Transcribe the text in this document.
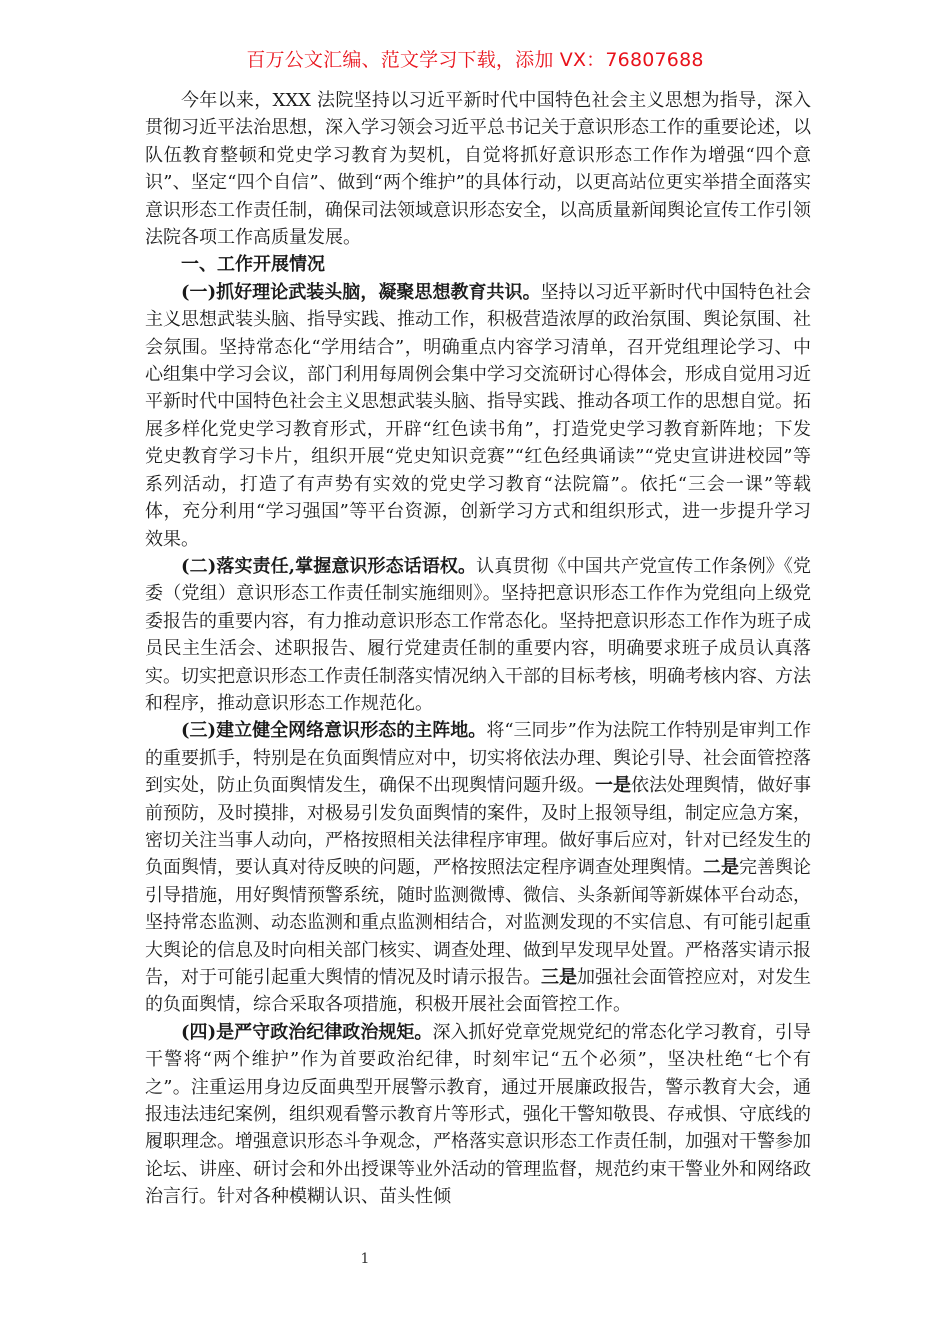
百万公文汇编、范文学习下载，添加 VX：76807688

今年以来，XXX 法院坚持以习近平新时代中国特色社会主义思想为指导，深入贯彻习近平法治思想，深入学习领会习近平总书记关于意识形态工作的重要论述，以队伍教育整顿和党史学习教育为契机，自觉将抓好意识形态工作作为增强“四个意识”、坚定“四个自信”、做到“两个维护”的具体行动，以更高站位更实举措全面落实意识形态工作责任制，确保司法领域意识形态安全，以高质量新闻舆论宣传工作引领法院各项工作高质量发展。

一、工作开展情况

(一)抓好理论武装头脑，凝聚思想教育共识。坚持以习近平新时代中国特色社会主义思想武装头脑、指导实践、推动工作，积极营造浓厚的政治氛围、舆论氛围、社会氛围。坚持常态化“学用结合”，明确重点内容学习清单，召开党组理论学习、中心组集中学习会议，部门利用每周例会集中学习交流研讨心得体会，形成自觉用习近平新时代中国特色社会主义思想武装头脑、指导实践、推动各项工作的思想自觉。拓展多样化党史学习教育形式，开辟“红色读书角”，打造党史学习教育新阵地；下发党史教育学习卡片，组织开展“党史知识竞赛”“红色经典诵读”“党史宣讲进校园”等系列活动，打造了有声势有实效的党史学习教育“法院篇”。依托“三会一课”等载体，充分利用“学习强国”等平台资源，创新学习方式和组织形式，进一步提升学习效果。

(二)落实责任,掌握意识形态话语权。认真贯彻《中国共产党宣传工作条例》《党委（党组）意识形态工作责任制实施细则》。坚持把意识形态工作作为党组向上级党委报告的重要内容，有力推动意识形态工作常态化。坚持把意识形态工作作为班子成员民主生活会、述职报告、履行党建责任制的重要内容，明确要求班子成员认真落实。切实把意识形态工作责任制落实情况纳入干部的目标考核，明确考核内容、方法和程序，推动意识形态工作规范化。

(三)建立健全网络意识形态的主阵地。将“三同步”作为法院工作特别是审判工作的重要抓手，特别是在负面舆情应对中，切实将依法办理、舆论引导、社会面管控落到实处，防止负面舆情发生，确保不出现舆情问题升级。一是依法处理舆情，做好事前预防，及时摸排，对极易引发负面舆情的案件，及时上报领导组，制定应急方案，密切关注当事人动向，严格按照相关法律程序审理。做好事后应对，针对已经发生的负面舆情，要认真对待反映的问题，严格按照法定程序调查处理舆情。二是完善舆论引导措施，用好舆情预警系统，随时监测微博、微信、头条新闻等新媒体平台动态，坚持常态监测、动态监测和重点监测相结合，对监测发现的不实信息、有可能引起重大舆论的信息及时向相关部门核实、调查处理、做到早发现早处置。严格落实请示报告，对于可能引起重大舆情的情况及时请示报告。三是加强社会面管控应对，对发生的负面舆情，综合采取各项措施，积极开展社会面管控工作。

(四)是严守政治纪律政治规矩。深入抓好党章党规党纪的常态化学习教育，引导干警将“两个维护”作为首要政治纪律，时刻牢记“五个必须”，坚决杜绝“七个有之”。注重运用身边反面典型开展警示教育，通过开展廉政报告，警示教育大会，通报违法违纪案例，组织观看警示教育片等形式，强化干警知敬畏、存戒惧、守底线的履职理念。增强意识形态斗争观念，严格落实意识形态工作责任制，加强对干警参加论坛、讲座、研讨会和外出授课等业外活动的管理监督，规范约束干警业外和网络政治言行。针对各种模糊认识、苗头性倾

1
